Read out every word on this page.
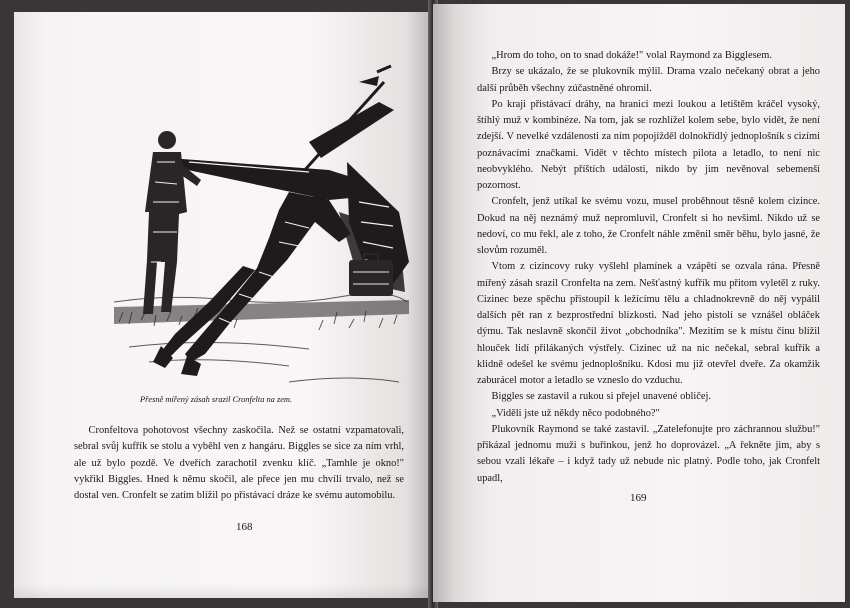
Přesně mířený zásah srazil Cronfelta na zem.

Cronfeltova pohotovost všechny zaskočila. Než se ostatní vzpamatovali, sebral svůj kufřík se stolu a vyběhl ven z hangáru. Biggles se sice za ním vrhl, ale už bylo pozdě. Ve dveřích zarachotil zvenku klíč. „Tamhle je okno!" vykřikl Biggles. Hned k němu skočil, ale přece jen mu chvíli trvalo, než se dostal ven. Cronfelt se zatím blížil po přistávací dráze ke svému automobilu.

168

„Hrom do toho, on to snad dokáže!" volal Raymond za Bigglesem.

Brzy se ukázalo, že se plukovník mýlil. Drama vzalo nečekaný obrat a jeho další průběh všechny zúčastněné ohromil.

Po kraji přistávací dráhy, na hranici mezi loukou a letištěm kráčel vysoký, štíhlý muž v kombinéze. Na tom, jak se rozhlížel kolem sebe, bylo vidět, že není zdejší. V nevelké vzdálenosti za ním popojížděl dolnokřídlý jednoplošník s cizími poznávacími značkami. Vidět v těchto místech pilota a letadlo, to není nic neobvyklého. Nebýt příštích události, nikdo by jim nevěnoval sebemenší pozornost.

Cronfelt, jenž utíkal ke svému vozu, musel proběhnout těsně kolem cizince. Dokud na něj neznámý muž nepromluvil, Cronfelt si ho nevšiml. Nikdo už se nedoví, co mu řekl, ale z toho, že Cronfelt náhle změnil směr běhu, bylo jasné, že slovům rozuměl.

Vtom z cizincovy ruky vyšlehl plamínek a vzápětí se ozvala rána. Přesně mířený zásah srazil Cronfelta na zem. Nešťastný kufřík mu přitom vyletěl z ruky. Cizinec beze spěchu přistoupil k ležícímu tělu a chladnokrevně do něj vypálil dalších pět ran z bezprostřední blízkosti. Nad jeho pistolí se vznášel obláček dýmu. Tak neslavně skončil život „obchodníka". Mezitím se k místu činu blížil hlouček lidí přilákaných výstřely. Cizinec už na nic nečekal, sebral kufřík a klidně odešel ke svému jednoplošníku. Kdosi mu již otevřel dveře. Za okamžik zaburácel motor a letadlo se vzneslo do vzduchu.

Biggles se zastavil a rukou si přejel unavené obličej.

„Viděli jste už někdy něco podobného?"

Plukovník Raymond se také zastavil. „Zatelefonujte pro záchrannou službu!" přikázal jednomu muži s buřinkou, jenž ho doprovázel. „A řekněte jim, aby s sebou vzali lékaře – i když tady už nebude nic platný. Podle toho, jak Cronfelt upadl,

169
